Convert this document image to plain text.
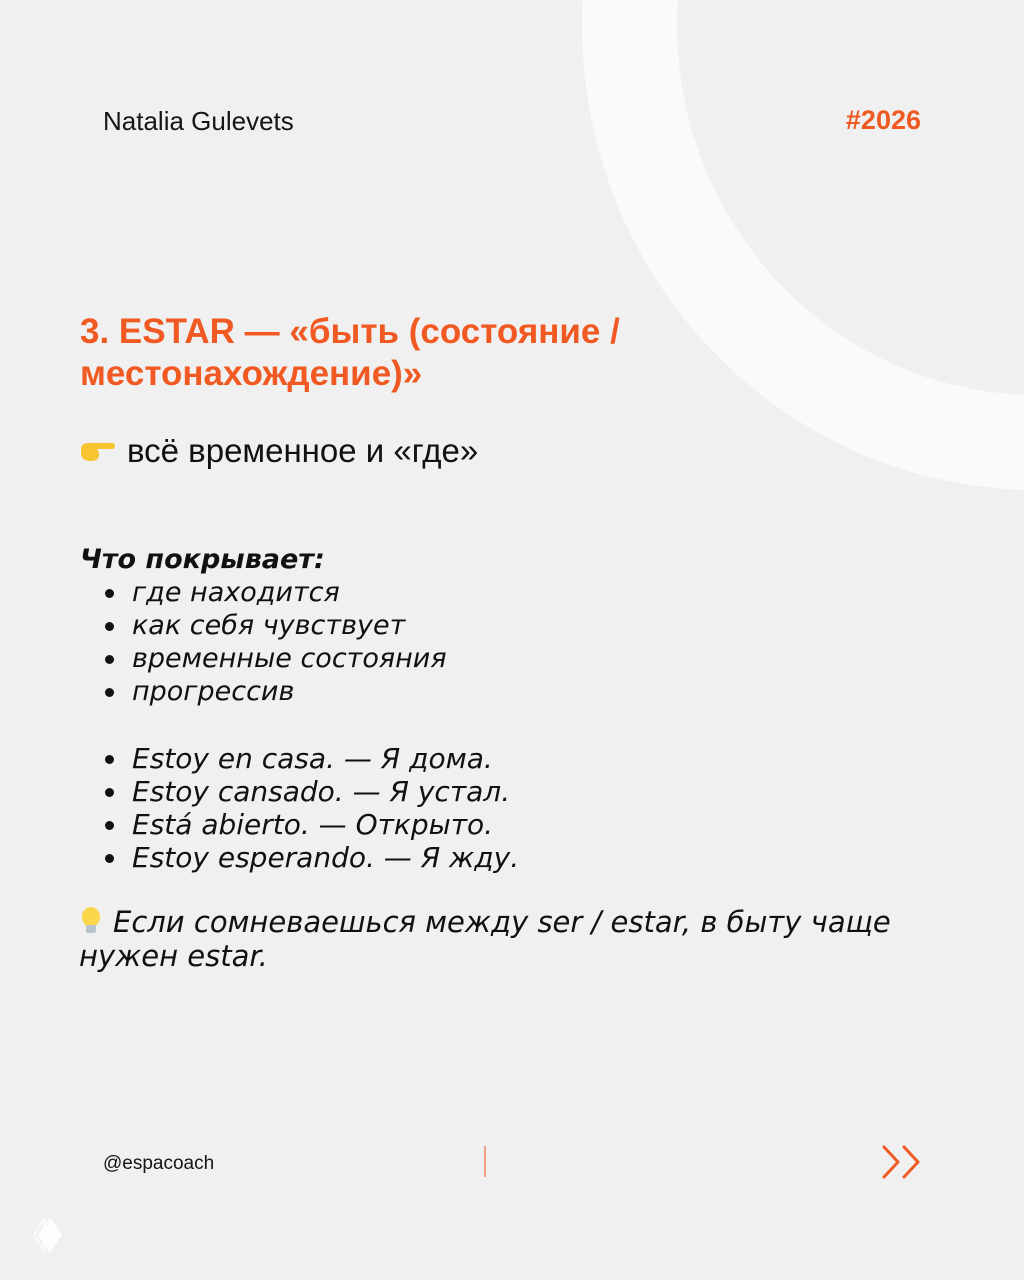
Natalia Gulevets	#2026
3. ESTAR — «быть (состояние / местонахождение)»
всё временное и «где»
Что покрывает:
где находится
как себя чувствует
временные состояния
прогрессив
Estoy en casa. — Я дома.
Estoy cansado. — Я устал.
Está abierto. — Открыто.
Estoy esperando. — Я жду.
Если сомневаешься между ser / estar, в быту чаще нужен estar.
@espacoach
